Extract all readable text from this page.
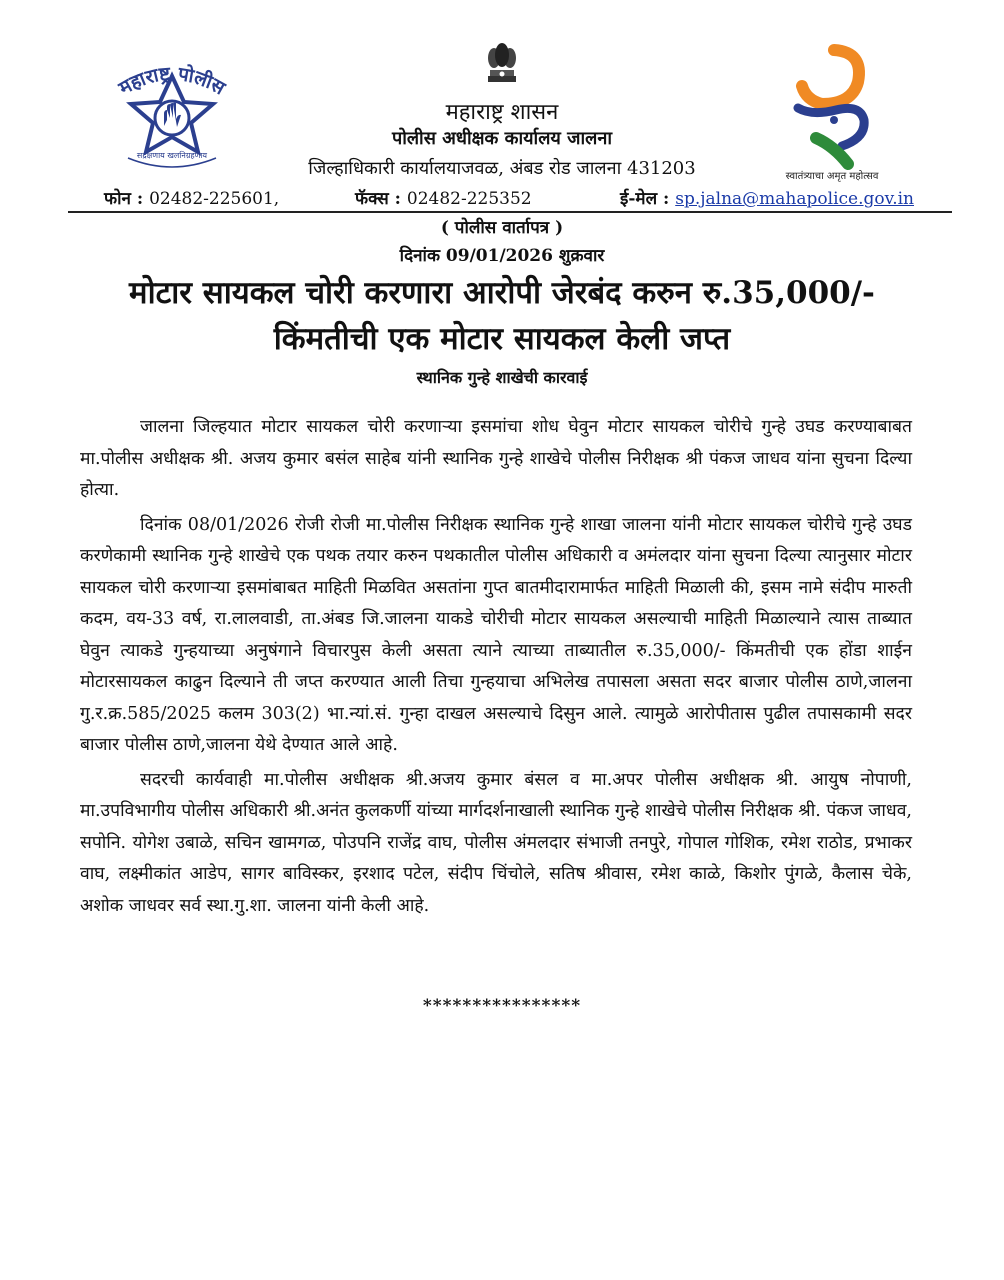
महाराष्ट्र पोलीस
सद्रक्षणाय खलनिग्रहणाय
स्वातंत्र्याचा अमृत महोत्सव
महाराष्ट्र शासन
पोलीस अधीक्षक कार्यालय जालना
जिल्हाधिकारी कार्यालयाजवळ, अंबड रोड जालना 431203
फोन : 02482-225601,	फॅक्स : 02482-225352	ई-मेल : sp.jalna@mahapolice.gov.in
( पोलीस वार्तापत्र )
दिनांक 09/01/2026 शुक्रवार
मोटार सायकल चोरी करणारा आरोपी जेरबंद करुन रु.35,000/-
किंमतीची एक मोटार सायकल केली जप्त
स्थानिक गुन्हे शाखेची कारवाई

जालना जिल्हयात मोटार सायकल चोरी करणाऱ्या इसमांचा शोध घेवुन मोटार सायकल चोरीचे गुन्हे उघड करण्याबाबत मा.पोलीस अधीक्षक श्री. अजय कुमार बसंल साहेब यांनी स्थानिक गुन्हे शाखेचे पोलीस निरीक्षक श्री पंकज जाधव यांना सुचना दिल्या होत्या.

दिनांक 08/01/2026 रोजी रोजी मा.पोलीस निरीक्षक स्थानिक गुन्हे शाखा जालना यांनी मोटार सायकल चोरीचे गुन्हे उघड करणेकामी स्थानिक गुन्हे शाखेचे एक पथक तयार करुन पथकातील पोलीस अधिकारी व अमंलदार यांना सुचना दिल्या त्यानुसार मोटार सायकल चोरी करणाऱ्या इसमांबाबत माहिती मिळवित असतांना गुप्त बातमीदारामार्फत माहिती मिळाली की, इसम नामे संदीप मारुती कदम, वय-33 वर्ष, रा.लालवाडी, ता.अंबड जि.जालना याकडे चोरीची मोटार सायकल असल्याची माहिती मिळाल्याने त्यास ताब्यात घेवुन त्याकडे गुन्हयाच्या अनुषंगाने विचारपुस केली असता त्याने त्याच्या ताब्यातील रु.35,000/- किंमतीची एक होंडा शाईन मोटारसायकल काढुन दिल्याने ती जप्त करण्यात आली तिचा गुन्हयाचा अभिलेख तपासला असता सदर बाजार पोलीस ठाणे,जालना गु.र.क्र.585/2025 कलम 303(2) भा.न्यां.सं. गुन्हा दाखल असल्याचे दिसुन आले. त्यामुळे आरोपीतास पुढील तपासकामी सदर बाजार पोलीस ठाणे,जालना येथे देण्यात आले आहे.

सदरची कार्यवाही मा.पोलीस अधीक्षक श्री.अजय कुमार बंसल व मा.अपर पोलीस अधीक्षक श्री. आयुष नोपाणी, मा.उपविभागीय पोलीस अधिकारी श्री.अनंत कुलकर्णी यांच्या मार्गदर्शनाखाली स्थानिक गुन्हे शाखेचे पोलीस निरीक्षक श्री. पंकज जाधव, सपोनि. योगेश उबाळे, सचिन खामगळ, पोउपनि राजेंद्र वाघ, पोलीस अंमलदार संभाजी तनपुरे, गोपाल गोशिक, रमेश राठोड, प्रभाकर वाघ, लक्ष्मीकांत आडेप, सागर बाविस्कर, इरशाद पटेल, संदीप चिंचोले, सतिष श्रीवास, रमेश काळे, किशोर पुंगळे, कैलास चेके, अशोक जाधवर सर्व स्था.गु.शा. जालना यांनी केली आहे.

****************
